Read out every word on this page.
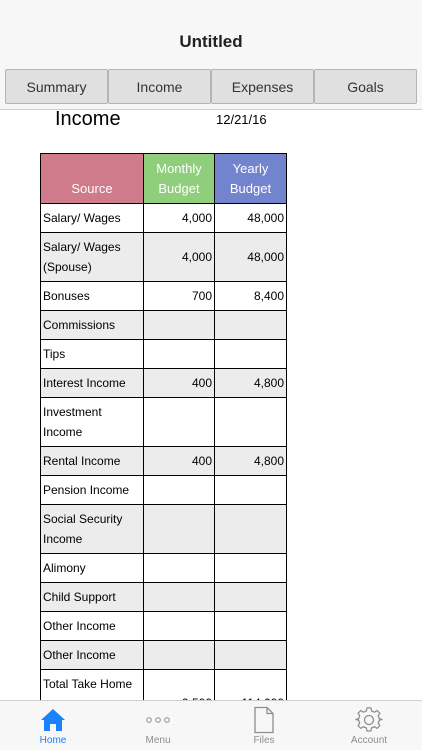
Untitled
Summary	Income	Expenses	Goals
Income	12/21/16
Source	Monthly Budget	Yearly Budget
Salary/ Wages	4,000	48,000
Salary/ Wages (Spouse)	4,000	48,000
Bonuses	700	8,400
Commissions		
Tips		
Interest Income	400	4,800
Investment Income		
Rental Income	400	4,800
Pension Income		
Social Security Income		
Alimony		
Child Support		
Other Income		
Other Income		
Total Take Home		
Home	Menu	Files	Account
